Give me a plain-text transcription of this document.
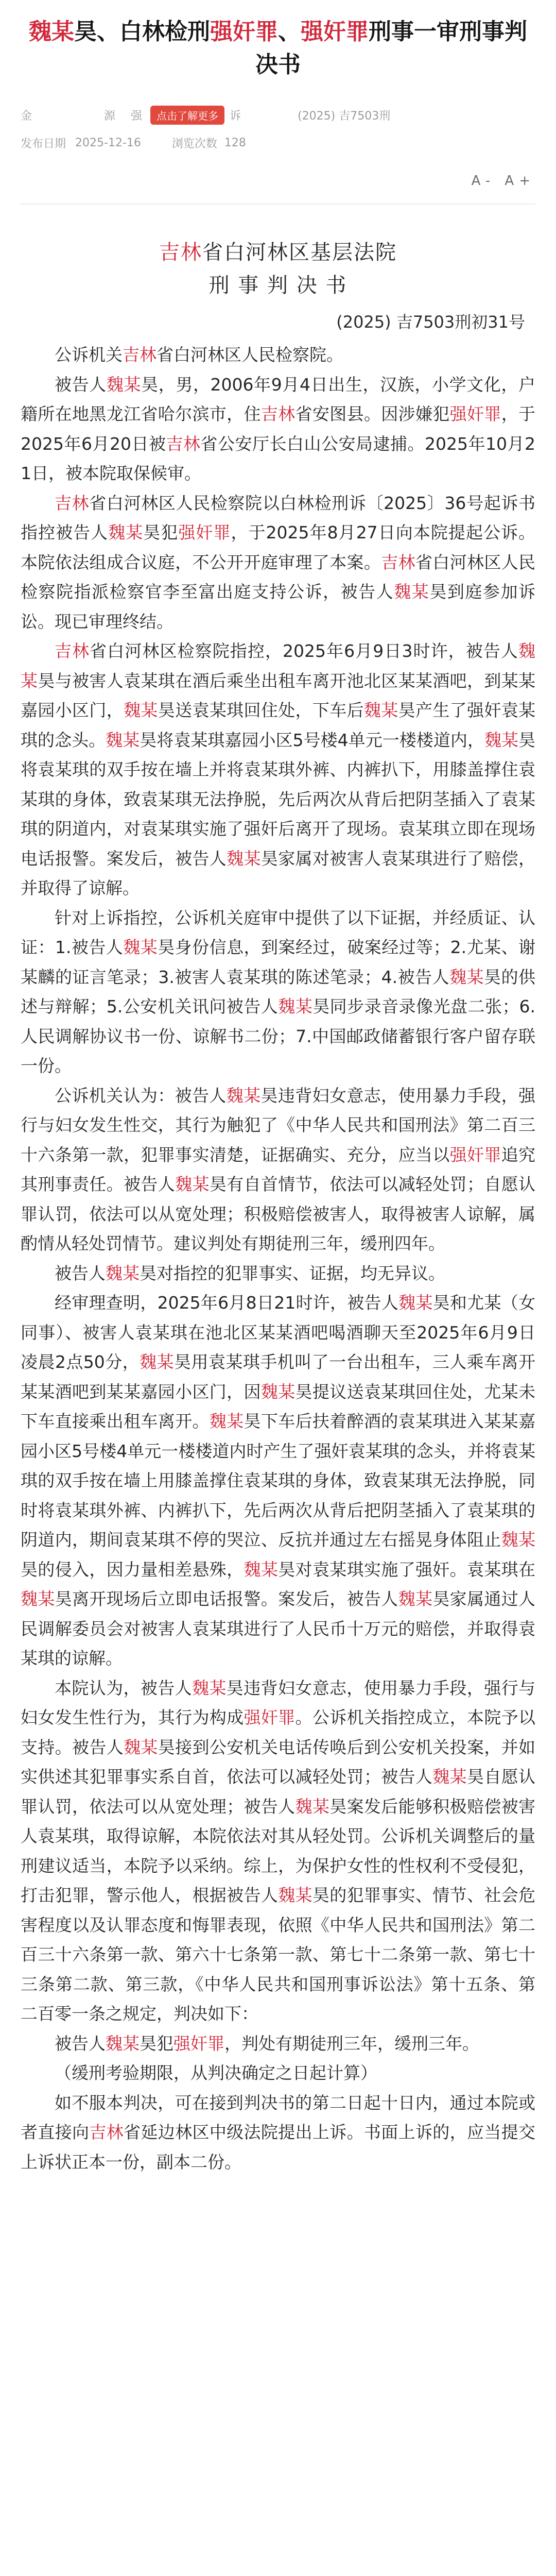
魏某昊、白林检刑强奸罪、强奸罪刑事一审刑事判决书
金	源 强	点击了解更多	诉	(2025) 吉7503刑
发布日期 2025-12-16	浏览次数 128
A- A+
吉林省白河林区基层法院
刑 事 判 决 书
(2025) 吉7503刑初31号

公诉机关吉林省白河林区人民检察院。

被告人魏某昊，男，2006年9月4日出生，汉族，小学文化，户籍所在地黑龙江省哈尔滨市，住吉林省安图县。因涉嫌犯强奸罪，于2025年6月20日被吉林省公安厅长白山公安局逮捕。2025年10月21日，被本院取保候审。

吉林省白河林区人民检察院以白林检刑诉〔2025〕36号起诉书指控被告人魏某昊犯强奸罪，于2025年8月27日向本院提起公诉。本院依法组成合议庭，不公开开庭审理了本案。吉林省白河林区人民检察院指派检察官李至富出庭支持公诉，被告人魏某昊到庭参加诉讼。现已审理终结。

吉林省白河林区检察院指控，2025年6月9日3时许，被告人魏某昊与被害人袁某琪在酒后乘坐出租车离开池北区某某酒吧，到某某嘉园小区门，魏某昊送袁某琪回住处，下车后魏某昊产生了强奸袁某琪的念头。魏某昊将袁某琪嘉园小区5号楼4单元一楼楼道内，魏某昊将袁某琪的双手按在墙上并将袁某琪外裤、内裤扒下，用膝盖撑住袁某琪的身体，致袁某琪无法挣脱，先后两次从背后把阴茎插入了袁某琪的阴道内，对袁某琪实施了强奸后离开了现场。袁某琪立即在现场电话报警。案发后，被告人魏某昊家属对被害人袁某琪进行了赔偿，并取得了谅解。

针对上诉指控，公诉机关庭审中提供了以下证据，并经质证、认证：1.被告人魏某昊身份信息，到案经过，破案经过等；2.尤某、谢某麟的证言笔录；3.被害人袁某琪的陈述笔录；4.被告人魏某昊的供述与辩解；5.公安机关讯问被告人魏某昊同步录音录像光盘二张；6.人民调解协议书一份、谅解书二份；7.中国邮政储蓄银行客户留存联一份。

公诉机关认为：被告人魏某昊违背妇女意志，使用暴力手段，强行与妇女发生性交，其行为触犯了《中华人民共和国刑法》第二百三十六条第一款，犯罪事实清楚，证据确实、充分，应当以强奸罪追究其刑事责任。被告人魏某昊有自首情节，依法可以减轻处罚；自愿认罪认罚，依法可以从宽处理；积极赔偿被害人，取得被害人谅解，属酌情从轻处罚情节。建议判处有期徒刑三年，缓刑四年。

被告人魏某昊对指控的犯罪事实、证据，均无异议。

经审理查明，2025年6月8日21时许，被告人魏某昊和尤某（女同事）、被害人袁某琪在池北区某某酒吧喝酒聊天至2025年6月9日凌晨2点50分，魏某昊用袁某琪手机叫了一台出租车，三人乘车离开某某酒吧到某某嘉园小区门，因魏某昊提议送袁某琪回住处，尤某未下车直接乘出租车离开。魏某昊下车后扶着醉酒的袁某琪进入某某嘉园小区5号楼4单元一楼楼道内时产生了强奸袁某琪的念头，并将袁某琪的双手按在墙上用膝盖撑住袁某琪的身体，致袁某琪无法挣脱，同时将袁某琪外裤、内裤扒下，先后两次从背后把阴茎插入了袁某琪的阴道内，期间袁某琪不停的哭泣、反抗并通过左右摇晃身体阻止魏某昊的侵入，因力量相差悬殊，魏某昊对袁某琪实施了强奸。袁某琪在魏某昊离开现场后立即电话报警。案发后，被告人魏某昊家属通过人民调解委员会对被害人袁某琪进行了人民币十万元的赔偿，并取得袁某琪的谅解。

本院认为，被告人魏某昊违背妇女意志，使用暴力手段，强行与妇女发生性行为，其行为构成强奸罪。公诉机关指控成立，本院予以支持。被告人魏某昊接到公安机关电话传唤后到公安机关投案，并如实供述其犯罪事实系自首，依法可以减轻处罚；被告人魏某昊自愿认罪认罚，依法可以从宽处理；被告人魏某昊案发后能够积极赔偿被害人袁某琪，取得谅解，本院依法对其从轻处罚。公诉机关调整后的量刑建议适当，本院予以采纳。综上，为保护女性的性权利不受侵犯，打击犯罪，警示他人，根据被告人魏某昊的犯罪事实、情节、社会危害程度以及认罪态度和悔罪表现，依照《中华人民共和国刑法》第二百三十六条第一款、第六十七条第一款、第七十二条第一款、第七十三条第二款、第三款，《中华人民共和国刑事诉讼法》第十五条、第二百零一条之规定，判决如下：

被告人魏某昊犯强奸罪，判处有期徒刑三年，缓刑三年。

（缓刑考验期限，从判决确定之日起计算）

如不服本判决，可在接到判决书的第二日起十日内，通过本院或者直接向吉林省延边林区中级法院提出上诉。书面上诉的，应当提交上诉状正本一份，副本二份。
